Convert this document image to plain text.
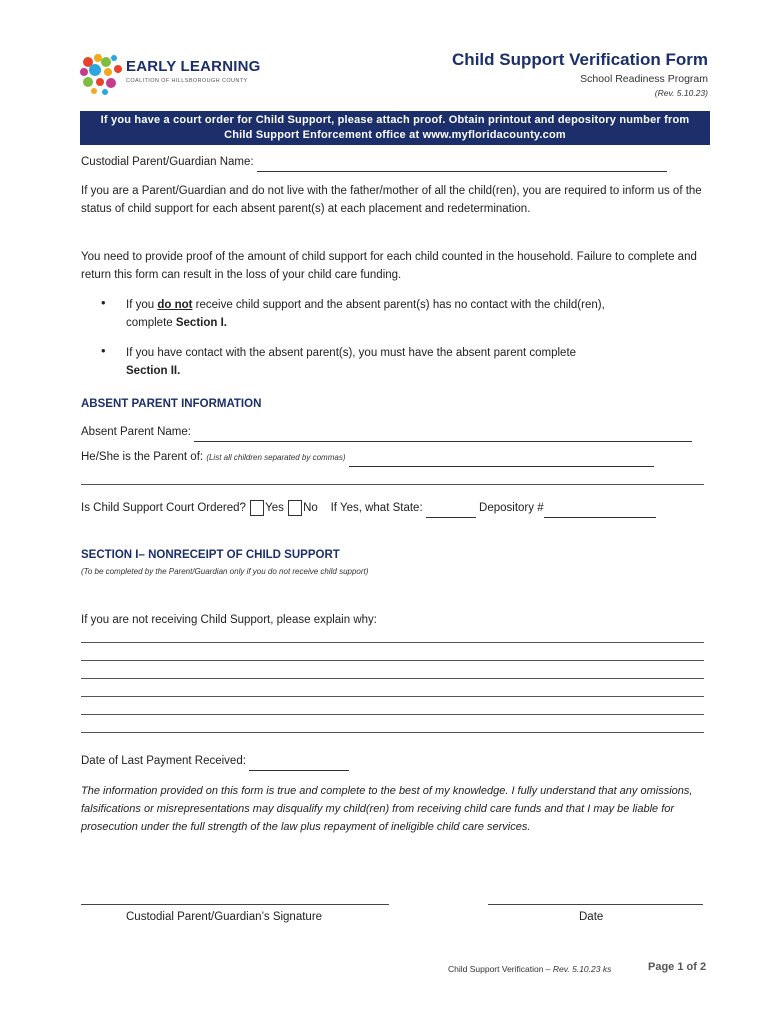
EARLY LEARNING
COALITION OF HILLSBOROUGH COUNTY
Child Support Verification Form
School Readiness Program
(Rev. 5.10.23)
If you have a court order for Child Support, please attach proof. Obtain printout and depository number from
Child Support Enforcement office at www.myfloridacounty.com
Custodial Parent/Guardian Name:
If you are a Parent/Guardian and do not live with the father/mother of all the child(ren), you are required to inform us of the status of child support for each absent parent(s) at each placement and redetermination.
You need to provide proof of the amount of child support for each child counted in the household. Failure to complete and return this form can result in the loss of your child care funding.
• If you do not receive child support and the absent parent(s) has no contact with the child(ren),
complete Section I.
• If you have contact with the absent parent(s), you must have the absent parent complete
Section II.
ABSENT PARENT INFORMATION
Absent Parent Name:
He/She is the Parent of: (List all children separated by commas)
Is Child Support Court Ordered? Yes No If Yes, what State:	Depository #
SECTION I– NONRECEIPT OF CHILD SUPPORT
(To be completed by the Parent/Guardian only if you do not receive child support)
If you are not receiving Child Support, please explain why:
Date of Last Payment Received:
The information provided on this form is true and complete to the best of my knowledge. I fully understand that any omissions, falsifications or misrepresentations may disqualify my child(ren) from receiving child care funds and that I may be liable for prosecution under the full strength of the law plus repayment of ineligible child care services.
Custodial Parent/Guardian’s Signature	Date
Child Support Verification – Rev. 5.10.23 ks	Page 1 of 2
